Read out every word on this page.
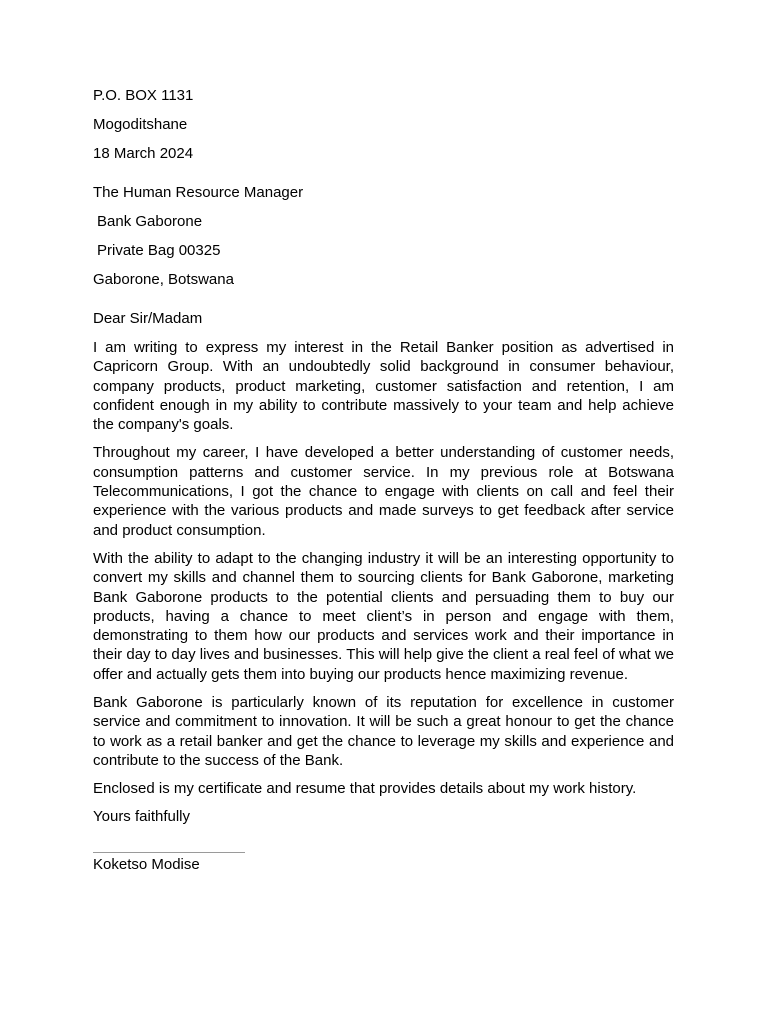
P.O. BOX 1131
Mogoditshane
18 March 2024
The Human Resource Manager
Bank Gaborone
Private Bag 00325
Gaborone, Botswana
Dear Sir/Madam

I am writing to express my interest in the Retail Banker position as advertised in Capricorn Group. With an undoubtedly solid background in consumer behaviour, company products, product marketing, customer satisfaction and retention, I am confident enough in my ability to contribute massively to your team and help achieve the company's goals.

Throughout my career, I have developed a better understanding of customer needs, consumption patterns and customer service. In my previous role at Botswana Telecommunications, I got the chance to engage with clients on call and feel their experience with the various products and made surveys to get feedback after service and product consumption.

With the ability to adapt to the changing industry it will be an interesting opportunity to    convert my skills and channel them to sourcing clients for Bank Gaborone, marketing Bank Gaborone products to the potential clients and persuading them to buy our products, having a chance to meet client’s in person and engage with them, demonstrating to them how our products and services work and their importance in their day to day lives and businesses. This will help give the client a real feel of what we offer and actually gets them into buying our products hence maximizing revenue.

Bank Gaborone is particularly known of its reputation for excellence in customer service and commitment to innovation. It will be such a great honour to get the chance to work as a retail banker and get the chance to leverage my skills and experience and contribute to the success of the Bank.

Enclosed is my certificate and resume that provides details about my work history.
Yours faithfully
Koketso Modise
